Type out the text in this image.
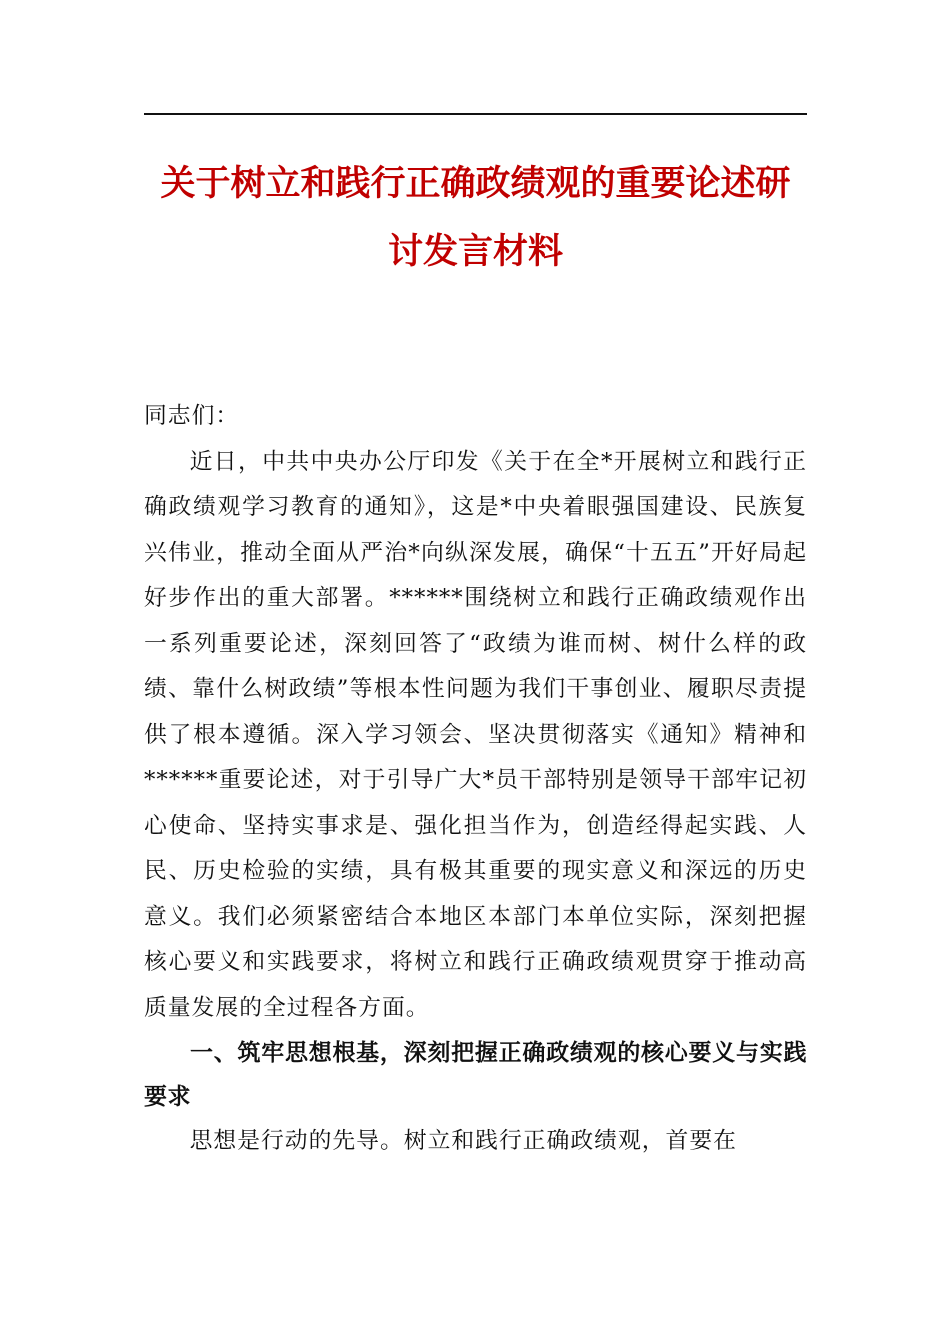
关于树立和践行正确政绩观的重要论述研
讨发言材料

同志们：

近日，中共中央办公厅印发《关于在全*开展树立和践行正确政绩观学习教育的通知》，这是*中央着眼强国建设、民族复兴伟业，推动全面从严治*向纵深发展，确保“十五五”开好局起好步作出的重大部署。******围绕树立和践行正确政绩观作出一系列重要论述，深刻回答了“政绩为谁而树、树什么样的政绩、靠什么树政绩”等根本性问题为我们干事创业、履职尽责提供了根本遵循。深入学习领会、坚决贯彻落实《通知》精神和******重要论述，对于引导广大*员干部特别是领导干部牢记初心使命、坚持实事求是、强化担当作为，创造经得起实践、人民、历史检验的实绩，具有极其重要的现实意义和深远的历史意义。我们必须紧密结合本地区本部门本单位实际，深刻把握核心要义和实践要求，将树立和践行正确政绩观贯穿于推动高质量发展的全过程各方面。

一、筑牢思想根基，深刻把握正确政绩观的核心要义与实践要求

思想是行动的先导。树立和践行正确政绩观，首要在
